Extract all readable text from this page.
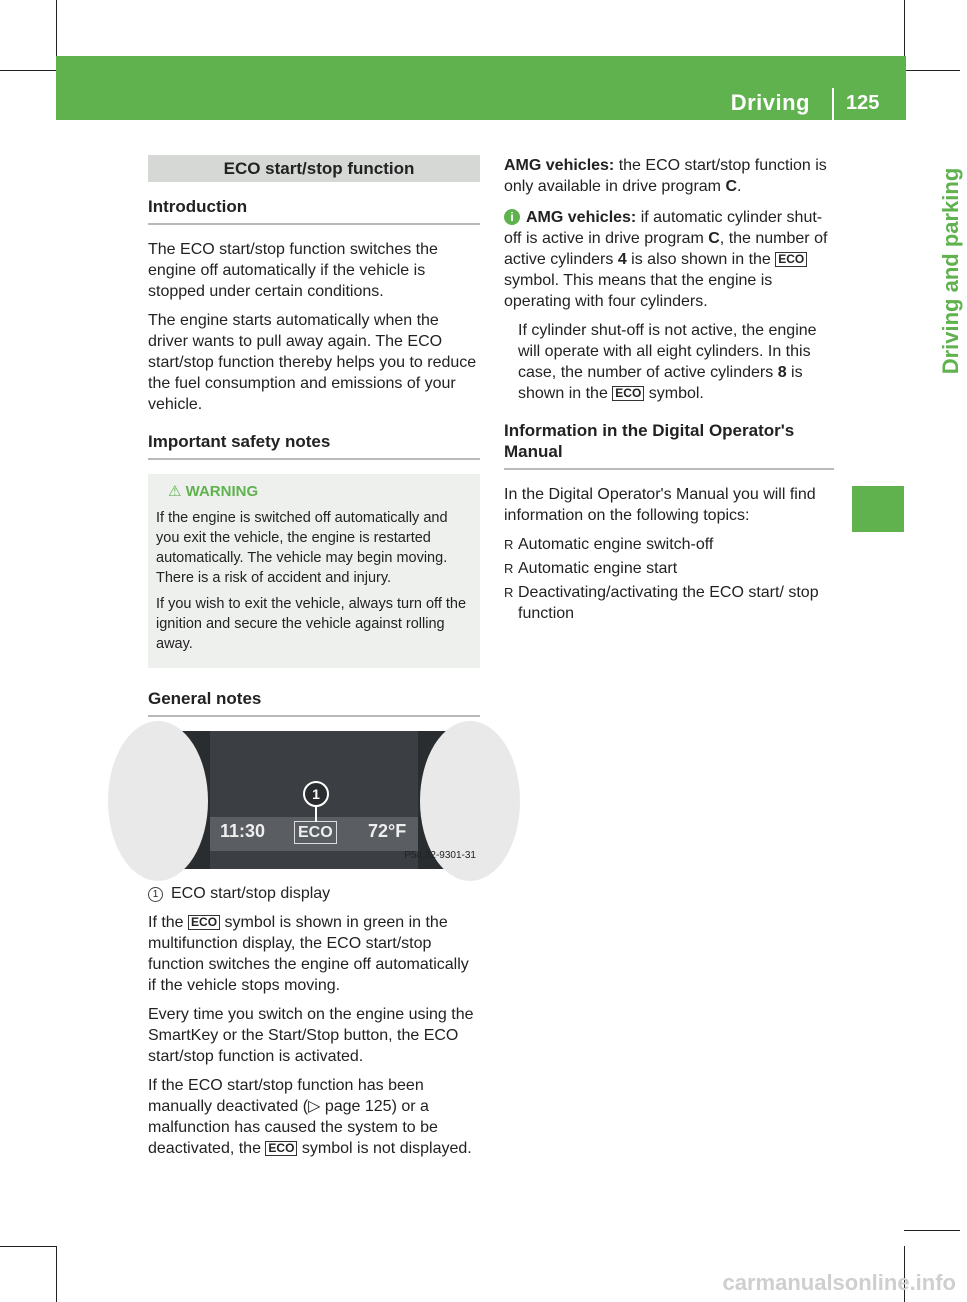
Driving 125
Driving and parking
ECO start/stop function
Introduction

The ECO start/stop function switches the engine off automatically if the vehicle is stopped under certain conditions.

The engine starts automatically when the driver wants to pull away again. The ECO start/stop function thereby helps you to reduce the fuel consumption and emissions of your vehicle.

Important safety notes
⚠ WARNING

If the engine is switched off automatically and you exit the vehicle, the engine is restarted automatically. The vehicle may begin moving. There is a risk of accident and injury.

If you wish to exit the vehicle, always turn off the ignition and secure the vehicle against rolling away.

General notes
11:30 ECO 72°F
1
P54.32-9301-31

1 ECO start/stop display

If the ECO symbol is shown in green in the multifunction display, the ECO start/stop function switches the engine off automatically if the vehicle stops moving.

Every time you switch on the engine using the SmartKey or the Start/Stop button, the ECO start/stop function is activated.

If the ECO start/stop function has been manually deactivated (▷ page 125) or a malfunction has caused the system to be deactivated, the ECO symbol is not displayed.

AMG vehicles: the ECO start/stop function is only available in drive program C.

i AMG vehicles: if automatic cylinder shut-off is active in drive program C, the number of active cylinders 4 is also shown in the ECO symbol. This means that the engine is operating with four cylinders.

If cylinder shut-off is not active, the engine will operate with all eight cylinders. In this case, the number of active cylinders 8 is shown in the ECO symbol.

Information in the Digital Operator's Manual

In the Digital Operator's Manual you will find information on the following topics:

R Automatic engine switch-off
R Automatic engine start
R Deactivating/activating the ECO start/ stop function
carmanualsonline.info
